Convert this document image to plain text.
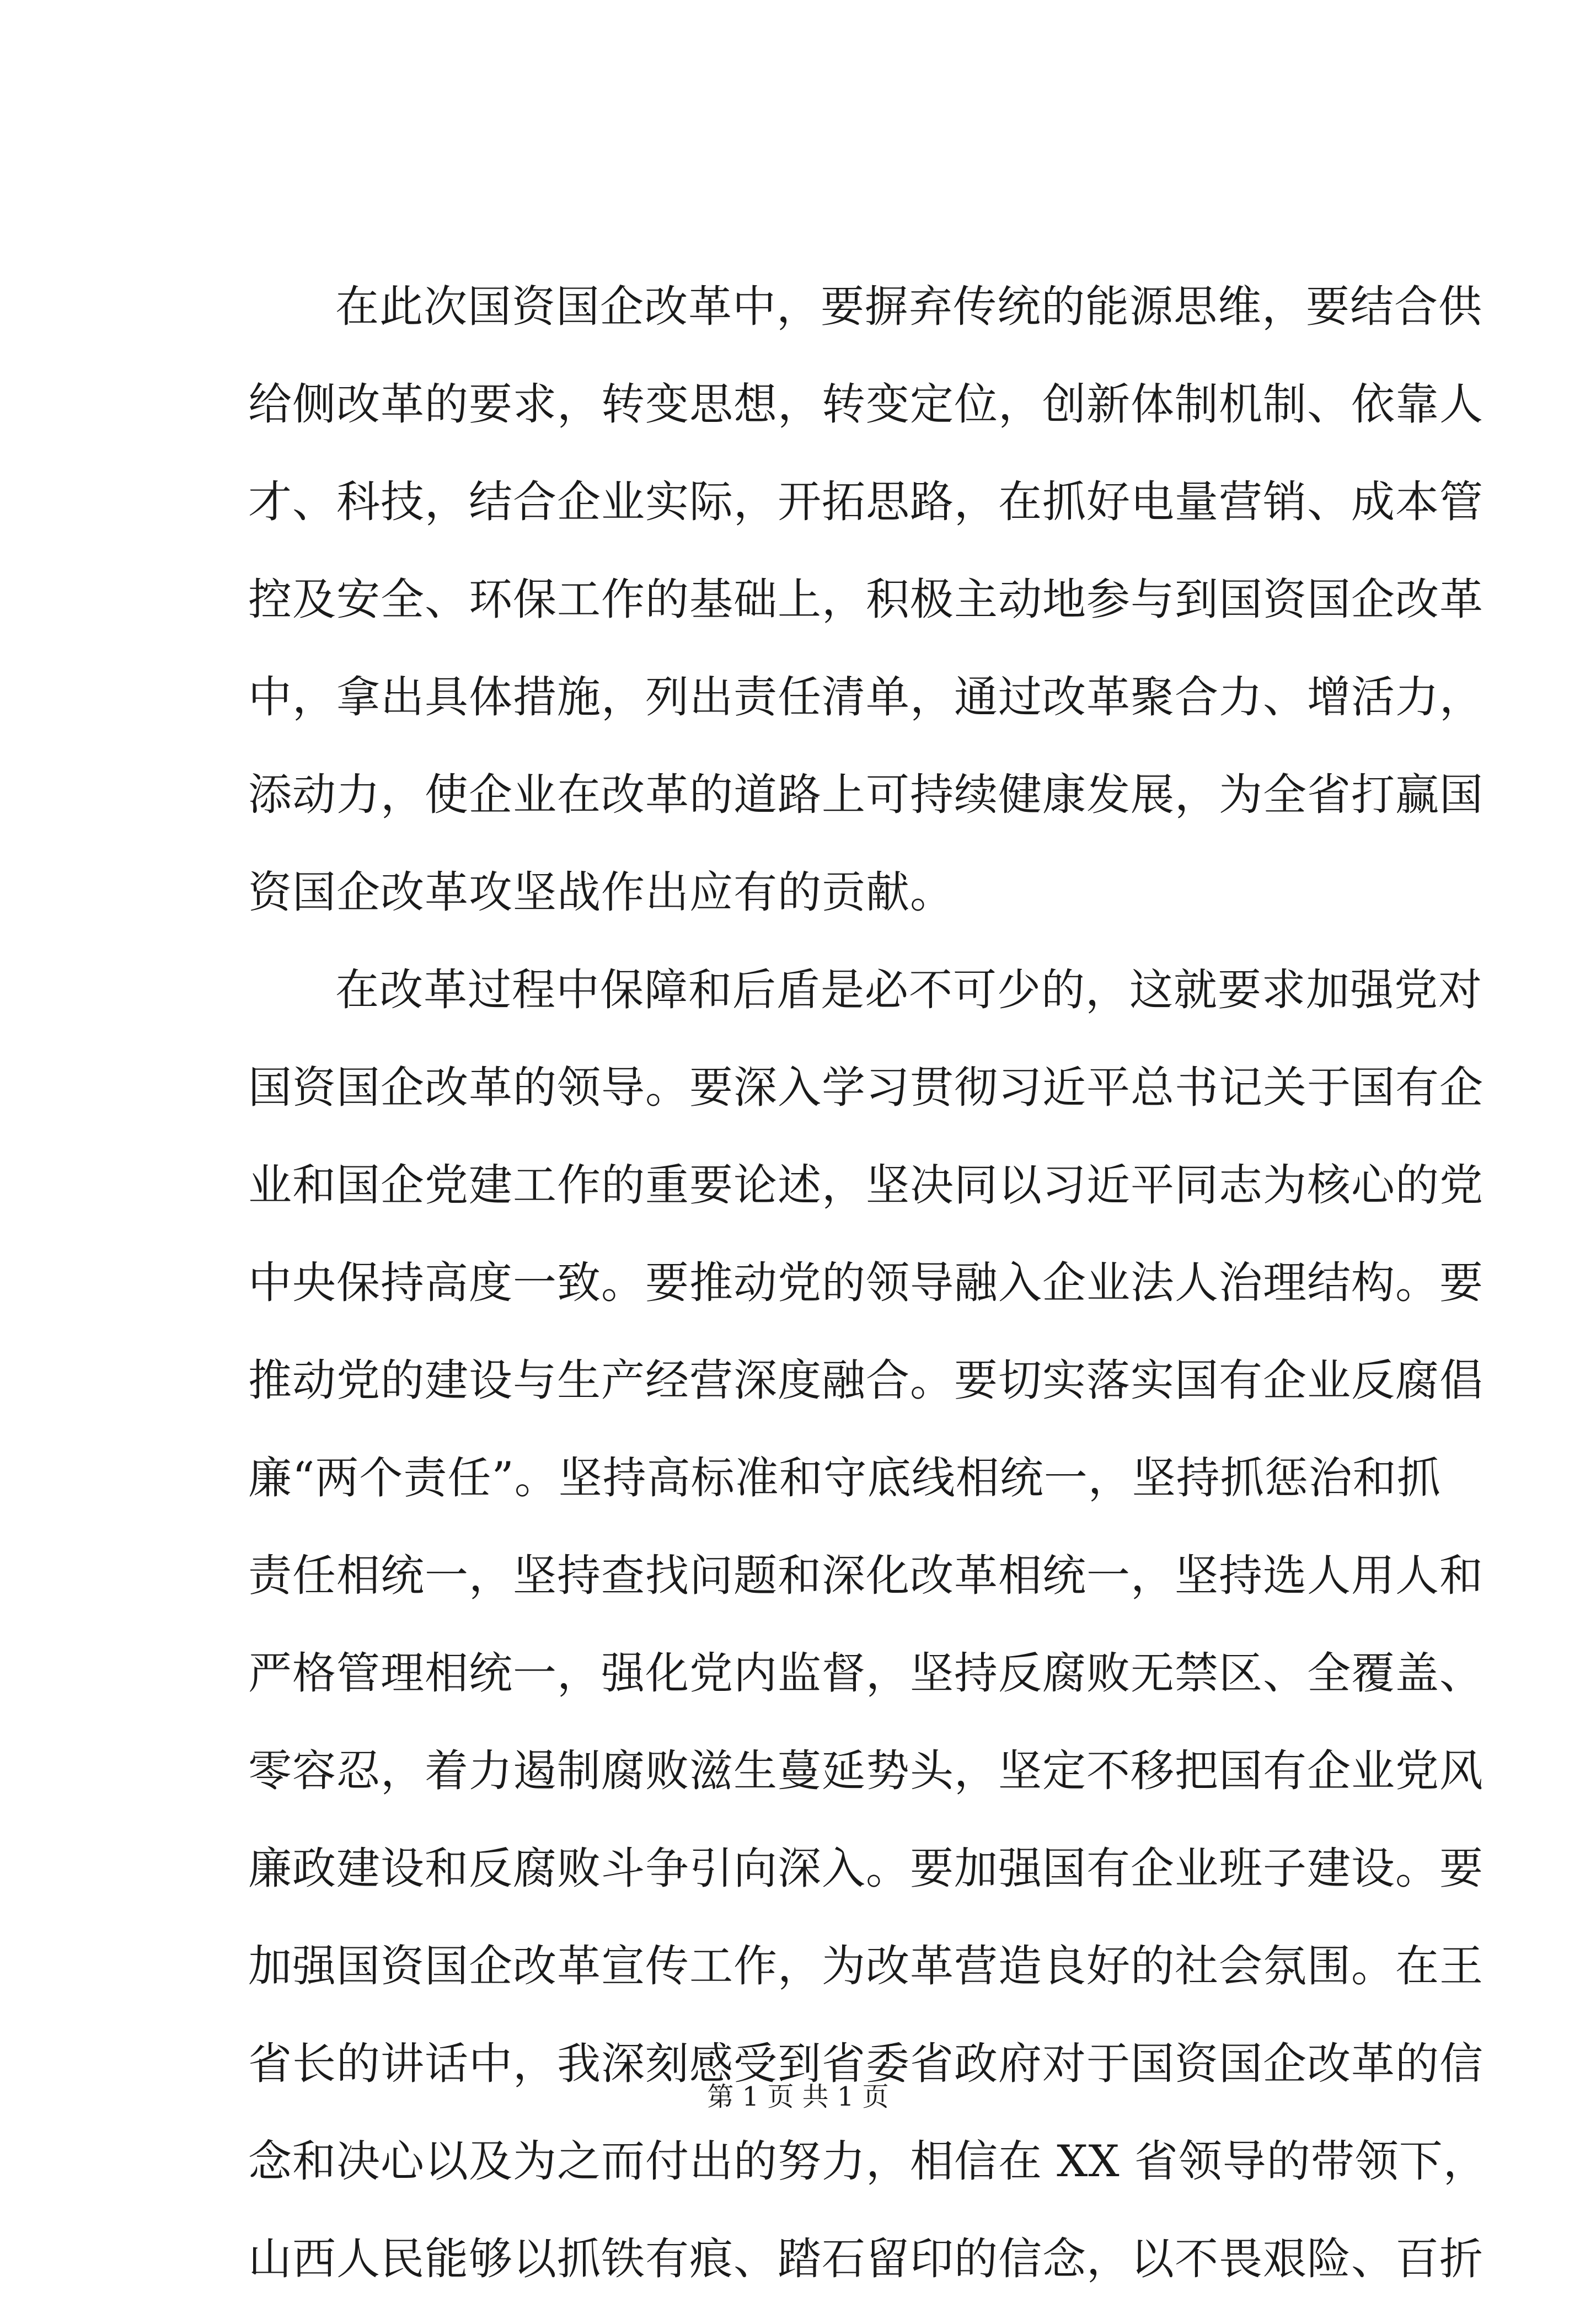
在此次国资国企改革中，要摒弃传统的能源思维，要结合供
给侧改革的要求，转变思想，转变定位，创新体制机制、依靠人
才、科技，结合企业实际，开拓思路，在抓好电量营销、成本管
控及安全、环保工作的基础上，积极主动地参与到国资国企改革
中，拿出具体措施，列出责任清单，通过改革聚合力、增活力，
添动力，使企业在改革的道路上可持续健康发展，为全省打赢国
资国企改革攻坚战作出应有的贡献。
在改革过程中保障和后盾是必不可少的，这就要求加强党对
国资国企改革的领导。要深入学习贯彻习近平总书记关于国有企
业和国企党建工作的重要论述，坚决同以习近平同志为核心的党
中央保持高度一致。要推动党的领导融入企业法人治理结构。要
推动党的建设与生产经营深度融合。要切实落实国有企业反腐倡
廉“两个责任”。坚持高标准和守底线相统一，坚持抓惩治和抓
责任相统一，坚持查找问题和深化改革相统一，坚持选人用人和
严格管理相统一，强化党内监督，坚持反腐败无禁区、全覆盖、
零容忍，着力遏制腐败滋生蔓延势头，坚定不移把国有企业党风
廉政建设和反腐败斗争引向深入。要加强国有企业班子建设。要
加强国资国企改革宣传工作，为改革营造良好的社会氛围。在王
省长的讲话中，我深刻感受到省委省政府对于国资国企改革的信
念和决心以及为之而付出的努力，相信在 XX 省领导的带领下，
山西人民能够以抓铁有痕、踏石留印的信念，以不畏艰险、百折
第 1 页 共 1 页
